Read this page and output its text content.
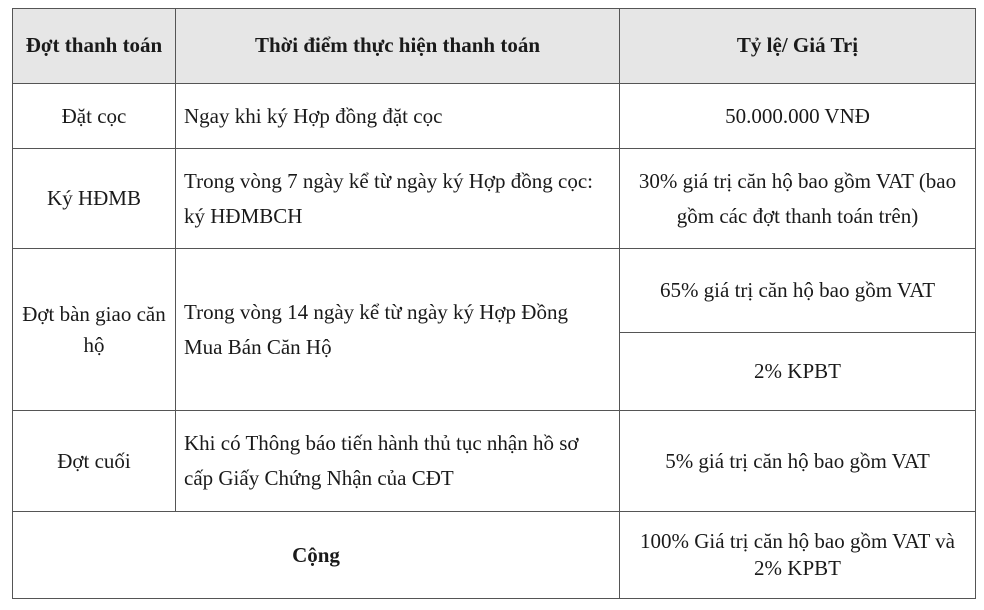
Đợt thanh toán	Thời điểm thực hiện thanh toán	Tỷ lệ/ Giá Trị
Đặt cọc	Ngay khi ký Hợp đồng đặt cọc	50.000.000 VNĐ
Ký HĐMB	Trong vòng 7 ngày kể từ ngày ký Hợp đồng cọc: ký HĐMBCH	30% giá trị căn hộ bao gồm VAT (bao gồm các đợt thanh toán trên)
Đợt bàn giao căn hộ	Trong vòng 14 ngày kể từ ngày ký Hợp Đồng Mua Bán Căn Hộ	65% giá trị căn hộ bao gồm VAT
		2% KPBT
Đợt cuối	Khi có Thông báo tiến hành thủ tục nhận hồ sơ cấp Giấy Chứng Nhận của CĐT	5% giá trị căn hộ bao gồm VAT
Cộng		100% Giá trị căn hộ bao gồm VAT và 2% KPBT
